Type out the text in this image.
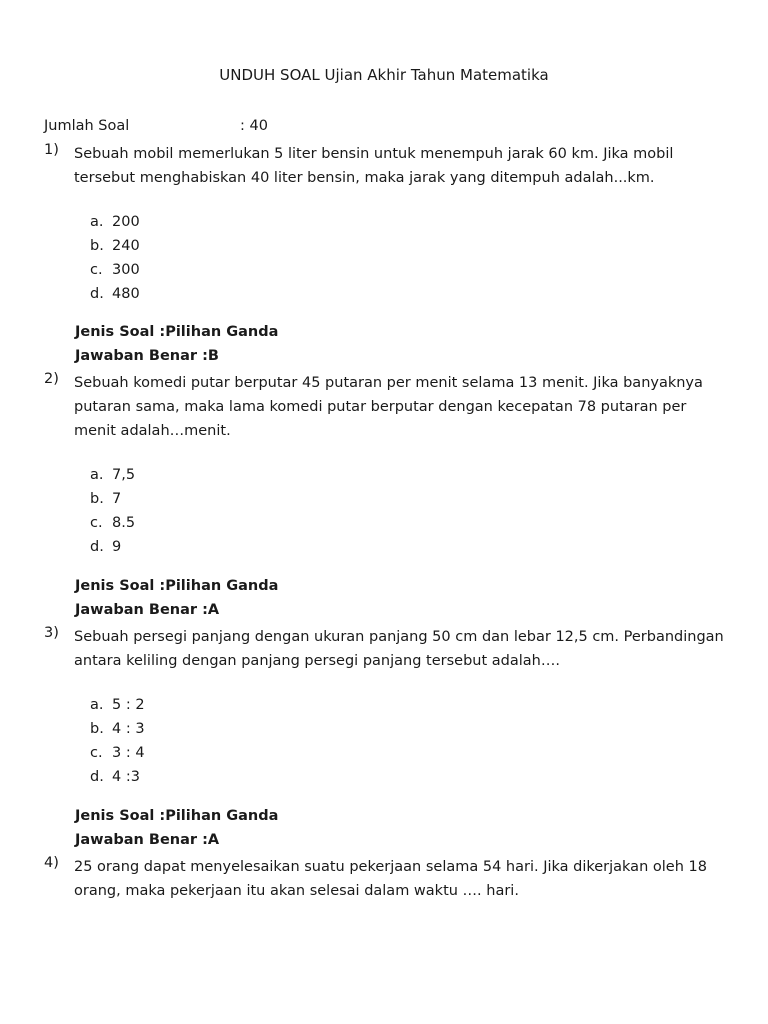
UNDUH SOAL Ujian Akhir Tahun Matematika
Jumlah Soal	: 40
1)	Sebuah mobil memerlukan 5 liter bensin untuk menempuh jarak 60 km. Jika mobil tersebut menghabiskan 40 liter bensin, maka jarak yang ditempuh adalah...km.
a. 200
b. 240
c. 300
d. 480
Jenis Soal :Pilihan Ganda
Jawaban Benar :B
2)	Sebuah komedi putar berputar 45 putaran per menit selama 13 menit. Jika banyaknya putaran sama, maka lama komedi putar berputar dengan kecepatan 78 putaran per menit adalah…menit.
a. 7,5
b. 7
c. 8.5
d. 9
Jenis Soal :Pilihan Ganda
Jawaban Benar :A
3)	Sebuah persegi panjang dengan ukuran panjang 50 cm dan lebar 12,5 cm. Perbandingan antara keliling dengan panjang persegi panjang tersebut adalah….
a. 5 : 2
b. 4 : 3
c. 3 : 4
d. 4 :3
Jenis Soal :Pilihan Ganda
Jawaban Benar :A
4)	25 orang dapat menyelesaikan suatu pekerjaan selama 54 hari. Jika dikerjakan oleh 18 orang, maka pekerjaan itu akan selesai dalam waktu …. hari.
